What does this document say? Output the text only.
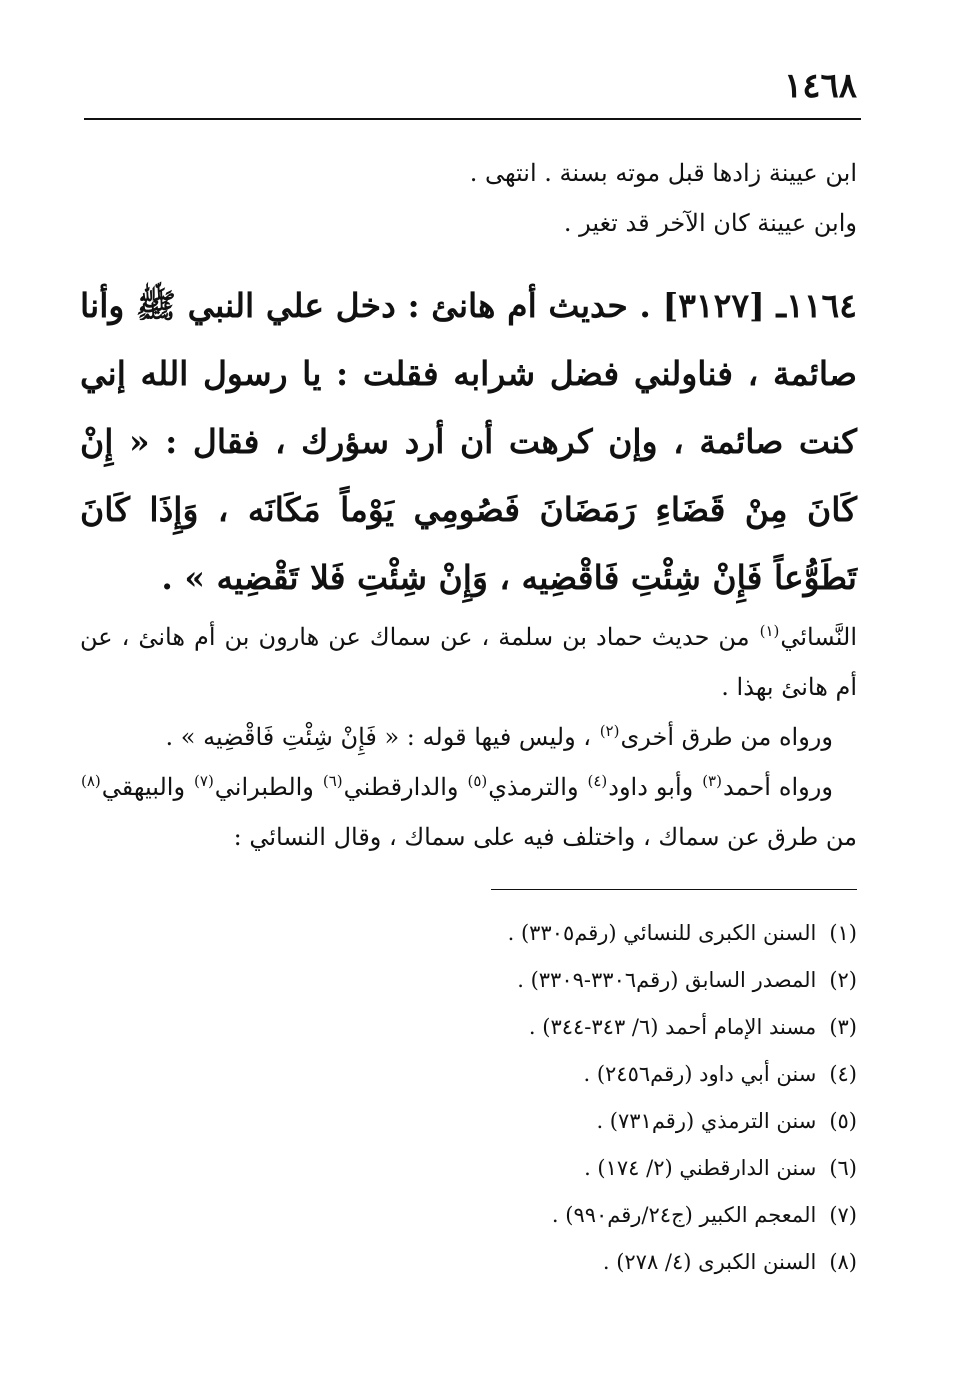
١٤٦٨

ابن عيينة زادها قبل موته بسنة . انتهى .

وابن عيينة كان الآخر قد تغير .

١١٦٤ـ [٣١٢٧] . حديث أم هانئ : دخل علي النبي ﷺ وأنا صائمة ، فناولني فضل شرابه فقلت : يا رسول الله إني كنت صائمة ، وإن كرهت أن أرد سؤرك ، فقال : « إِنْ كَانَ مِنْ قَضَاءِ رَمَضَانَ فَصُومِي يَوْماً مَكَانَه ، وَإِذَا كَانَ تَطَوُّعاً فَإِنْ شِئْتِ فَاقْضِيه ، وَإِنْ شِئْتِ فَلا تَقْضِيه » .

النَّسائي$^{(١)}$ من حديث حماد بن سلمة ، عن سماك عن هارون بن أم هانئ ، عن أم هانئ بهذا .

ورواه من طرق أخرى$^{(٢)}$ ، وليس فيها قوله : « فَإِنْ شِئْتِ فَاقْضِيه » .

ورواه أحمد$^{(٣)}$ وأبو داود$^{(٤)}$ والترمذي$^{(٥)}$ والدارقطني$^{(٦)}$ والطبراني$^{(٧)}$ والبيهقي$^{(٨)}$ من طرق عن سماك ، واختلف فيه على سماك ، وقال النسائي :

(١) السنن الكبرى للنسائي (رقم٣٣٠٥) .
(٢) المصدر السابق (رقم٣٣٠٦-٣٣٠٩) .
(٣) مسند الإمام أحمد (٦/ ٣٤٣-٣٤٤) .
(٤) سنن أبي داود (رقم٢٤٥٦) .
(٥) سنن الترمذي (رقم٧٣١) .
(٦) سنن الدارقطني (٢/ ١٧٤) .
(٧) المعجم الكبير (ج٢٤/رقم٩٩٠) .
(٨) السنن الكبرى (٤/ ٢٧٨) .
